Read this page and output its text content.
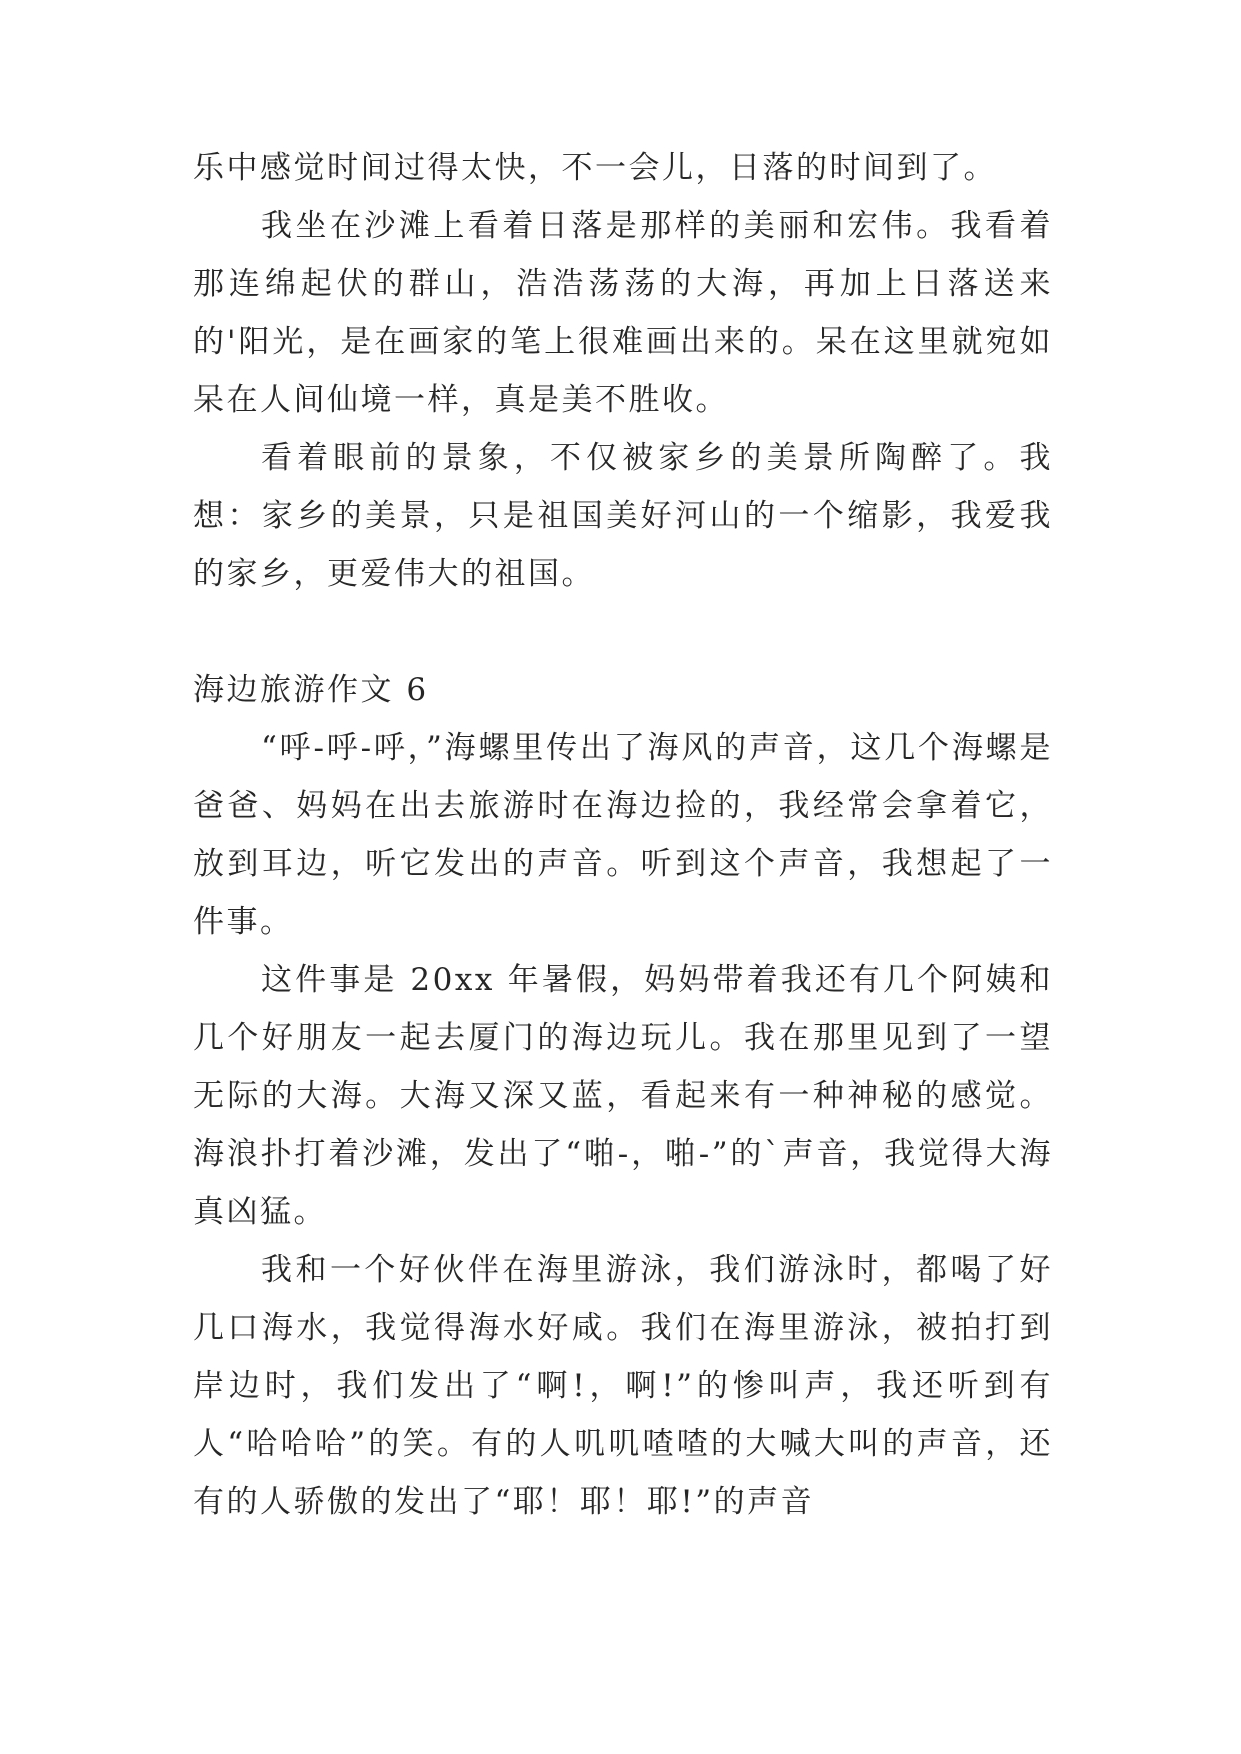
乐中感觉时间过得太快，不一会儿，日落的时间到了。

我坐在沙滩上看着日落是那样的美丽和宏伟。我看着那连绵起伏的群山，浩浩荡荡的大海，再加上日落送来的'阳光，是在画家的笔上很难画出来的。呆在这里就宛如呆在人间仙境一样，真是美不胜收。

看着眼前的景象，不仅被家乡的美景所陶醉了。我想：家乡的美景，只是祖国美好河山的一个缩影，我爱我的家乡，更爱伟大的祖国。

海边旅游作文 6

“呼-呼-呼，”海螺里传出了海风的声音，这几个海螺是爸爸、妈妈在出去旅游时在海边捡的，我经常会拿着它，放到耳边，听它发出的声音。听到这个声音，我想起了一件事。

这件事是 20xx 年暑假，妈妈带着我还有几个阿姨和几个好朋友一起去厦门的海边玩儿。我在那里见到了一望无际的大海。大海又深又蓝，看起来有一种神秘的感觉。海浪扑打着沙滩，发出了“啪-，啪-”的`声音，我觉得大海真凶猛。

我和一个好伙伴在海里游泳，我们游泳时，都喝了好几口海水，我觉得海水好咸。我们在海里游泳，被拍打到岸边时，我们发出了“啊!，啊!”的惨叫声，我还听到有人“哈哈哈”的笑。有的人叽叽喳喳的大喊大叫的声音，还有的人骄傲的发出了“耶！耶！耶!”的声音
